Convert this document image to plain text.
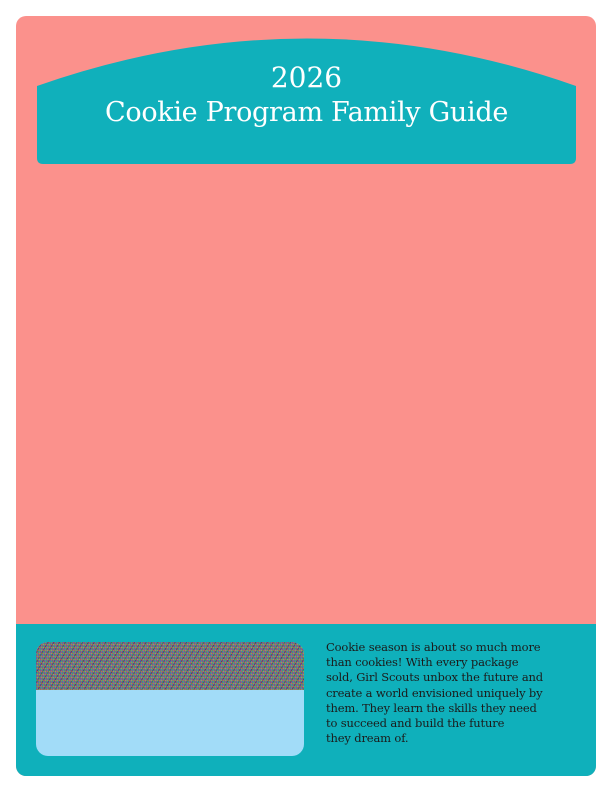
2026
Cookie Program Family Guide
Cookie season is about so much more
than cookies! With every package
sold, Girl Scouts unbox the future and
create a world envisioned uniquely by
them. They learn the skills they need
to succeed and build the future
they dream of.
